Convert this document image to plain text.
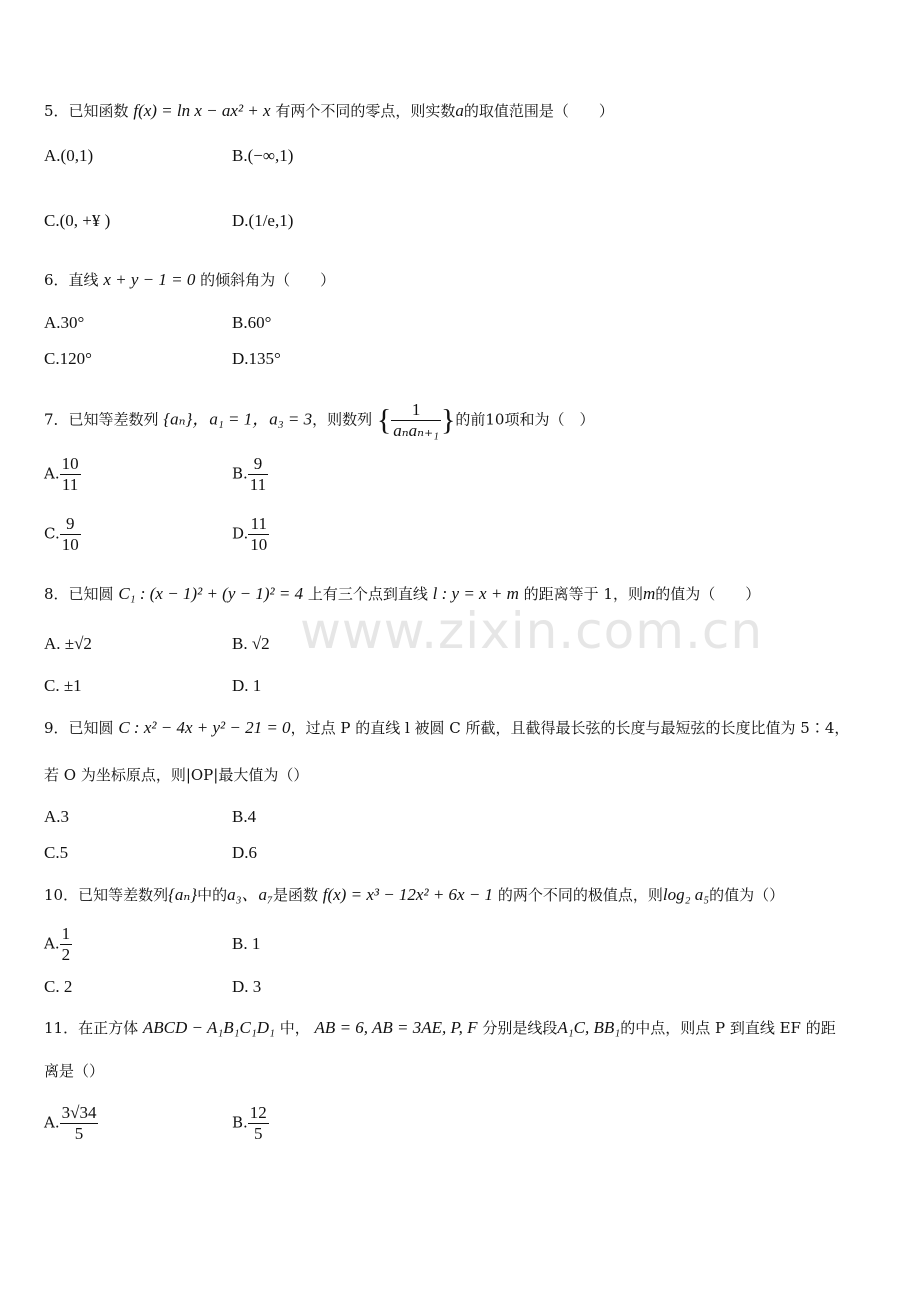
www.zixin.com.cn
5．已知函数 f(x) = ln x − ax² + x 有两个不同的零点，则实数a的取值范围是（　　）
A.(0,1)	B.(−∞,1)
C.(0, +¥ )	D.(1/e,1)
6．直线 x + y − 1 = 0 的倾斜角为（　　）
A.30°	B.60°
C.120°	D.135°
7．已知等差数列 {aₙ}，a₁ = 1，a₃ = 3，则数列 { $\frac{1}{\text{aₙaₙ₊₁}}$ }的前10项和为（　）
A. $\frac{10}{11}$	B. $\frac{9}{11}$
C. $\frac{9}{10}$	D. $\frac{11}{10}$
8．已知圆 C₁ : (x − 1)² + (y − 1)² = 4 上有三个点到直线 l : y = x + m 的距离等于 1，则m的值为（　　）
A. ±√2	B. √2
C. ±1	D. 1
9．已知圆 C : x² − 4x + y² − 21 = 0，过点 P 的直线 l 被圆 C 所截，且截得最长弦的长度与最短弦的长度比值为 5∶4，
若 O 为坐标原点，则|OP|最大值为（）
A.3	B.4
C.5	D.6
10．已知等差数列{aₙ}中的a₃、a₇是函数 f(x) = x³ − 12x² + 6x − 1 的两个不同的极值点，则log₂ a₅的值为（）
A. $\frac{1}{2}$	B. 1
C. 2	D. 3
11．在正方体 ABCD − A₁B₁C₁D₁ 中， AB = 6, AB = 3AE, P, F 分别是线段A₁C, BB₁的中点，则点 P 到直线 EF 的距
离是（）
A. $\frac{3√34}{5}$	B. $\frac{12}{5}$
